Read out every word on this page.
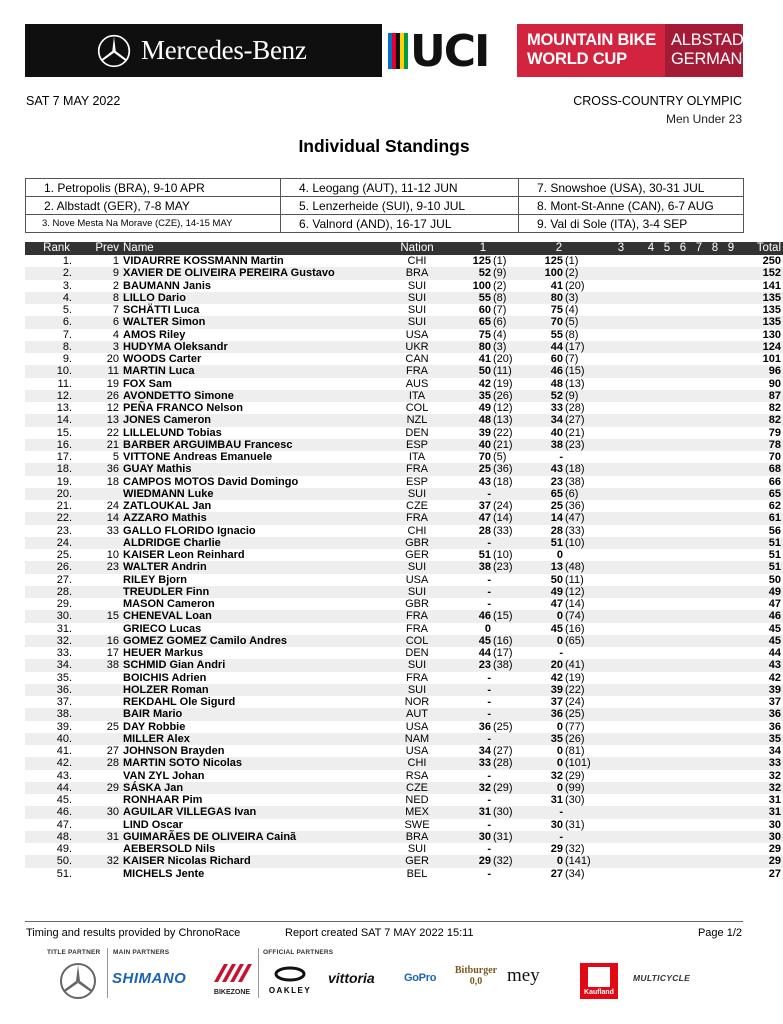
Mercedes-Benz UCI MOUNTAIN BIKE
WORLD CUP
ALBSTADT
GERMANY
SAT 7 MAY 2022	CROSS-COUNTRY OLYMPIC
Men Under 23
Individual Standings
1. Petropolis (BRA), 9-10 APR	4. Leogang (AUT), 11-12 JUN	7. Snowshoe (USA), 30-31 JUL
2. Albstadt (GER), 7-8 MAY	5. Lenzerheide (SUI), 9-10 JUL	8. Mont-St-Anne (CAN), 6-7 AUG
3. Nove Mesta Na Morave (CZE), 14-15 MAY	6. Valnord (AND), 16-17 JUL	9. Val di Sole (ITA), 3-4 SEP
Rank	Prev	Name	Nation	1	2	3	4	5	6	7	8	9	Total
1.	1	VIDAURRE KOSSMANN Martin	CHI	125 (1)	125 (1)								250
2.	9	XAVIER DE OLIVEIRA PEREIRA Gustavo	BRA	52 (9)	100 (2)								152
3.	2	BAUMANN Janis	SUI	100 (2)	41 (20)								141
4.	8	LILLO Dario	SUI	55 (8)	80 (3)								135
5.	7	SCHÄTTI Luca	SUI	60 (7)	75 (4)								135
6.	6	WALTER Simon	SUI	65 (6)	70 (5)								135
7.	4	AMOS Riley	USA	75 (4)	55 (8)								130
8.	3	HUDYMA Oleksandr	UKR	80 (3)	44 (17)								124
9.	20	WOODS Carter	CAN	41 (20)	60 (7)								101
10.	11	MARTIN Luca	FRA	50 (11)	46 (15)								96
11.	19	FOX Sam	AUS	42 (19)	48 (13)								90
12.	26	AVONDETTO Simone	ITA	35 (26)	52 (9)								87
13.	12	PEÑA FRANCO Nelson	COL	49 (12)	33 (28)								82
14.	13	JONES Cameron	NZL	48 (13)	34 (27)								82
15.	22	LILLELUND Tobias	DEN	39 (22)	40 (21)								79
16.	21	BARBER ARGUIMBAU Francesc	ESP	40 (21)	38 (23)								78
17.	5	VITTONE Andreas Emanuele	ITA	70 (5)	-								70
18.	36	GUAY Mathis	FRA	25 (36)	43 (18)								68
19.	18	CAMPOS MOTOS David Domingo	ESP	43 (18)	23 (38)								66
20.		WIEDMANN Luke	SUI	-	65 (6)								65
21.	24	ZATLOUKAL Jan	CZE	37 (24)	25 (36)								62
22.	14	AZZARO Mathis	FRA	47 (14)	14 (47)								61
23.	33	GALLO FLORIDO Ignacio	CHI	28 (33)	28 (33)								56
24.		ALDRIDGE Charlie	GBR	-	51 (10)								51
25.	10	KAISER Leon Reinhard	GER	51 (10)	0								51
26.	23	WALTER Andrin	SUI	38 (23)	13 (48)								51
27.		RILEY Bjorn	USA	-	50 (11)								50
28.		TREUDLER Finn	SUI	-	49 (12)								49
29.		MASON Cameron	GBR	-	47 (14)								47
30.	15	CHENEVAL Loan	FRA	46 (15)	0 (74)								46
31.		GRIECO Lucas	FRA	0	45 (16)								45
32.	16	GOMEZ GOMEZ Camilo Andres	COL	45 (16)	0 (65)								45
33.	17	HEUER Markus	DEN	44 (17)	-								44
34.	38	SCHMID Gian Andri	SUI	23 (38)	20 (41)								43
35.		BOICHIS Adrien	FRA	-	42 (19)								42
36.		HOLZER Roman	SUI	-	39 (22)								39
37.		REKDAHL Ole Sigurd	NOR	-	37 (24)								37
38.		BAIR Mario	AUT	-	36 (25)								36
39.	25	DAY Robbie	USA	36 (25)	0 (77)								36
40.		MILLER Alex	NAM	-	35 (26)								35
41.	27	JOHNSON Brayden	USA	34 (27)	0 (81)								34
42.	28	MARTIN SOTO Nicolas	CHI	33 (28)	0 (101)								33
43.		VAN ZYL Johan	RSA	-	32 (29)								32
44.	29	SÁSKA Jan	CZE	32 (29)	0 (99)								32
45.		RONHAAR Pim	NED	-	31 (30)								31
46.	30	AGUILAR VILLEGAS Ivan	MEX	31 (30)	-								31
47.		LIND Oscar	SWE	-	30 (31)								30
48.	31	GUIMARÃES DE OLIVEIRA Cainã	BRA	30 (31)	-								30
49.		AEBERSOLD Nils	SUI	-	29 (32)								29
50.	32	KAISER Nicolas Richard	GER	29 (32)	0 (141)								29
51.		MICHELS Jente	BEL	-	27 (34)								27
Timing and results provided by ChronoRace	Report created SAT 7 MAY 2022 15:11	Page 1/2
TITLE PARTNER MAIN PARTNERS	OFFICIAL PARTNERS
SHIMANO
BIKEZONE	OAKLEY
vittoria	GoPro
Bitburger 0,0	mey
Kaufland
MULTICYCLE
